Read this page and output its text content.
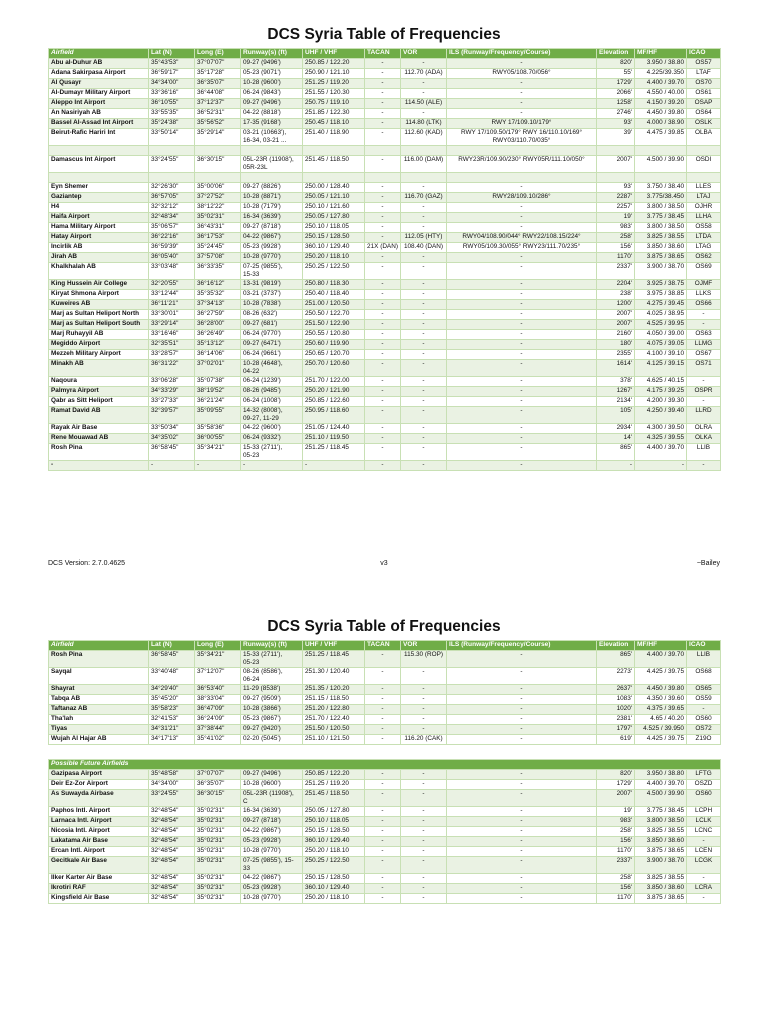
DCS Syria Table of Frequencies
Airfield	Lat (N)	Long (E)	Runway(s) (ft)	UHF / VHF	TACAN	VOR	ILS (Runway/Frequency/Course)	Elevation	MF/HF	ICAO
Abu al-Duhur AB	35°43'53"	37°07'07"	09-27 (9496')	250.85 / 122.20	-	-	-	820'	3.950 / 38.80	OS57
Adana Sakirpasa Airport	36°59'17"	35°17'28"	05-23 (9071')	250.90 / 121.10	-	112.70 (ADA)	RWY05/108.70/056°	55'	4.225/39.350	LTAF
Al Qusayr	34°34'00"	36°35'07"	10-28 (9600')	251.25 / 119.20	-	-	-	1729'	4.400 / 39.70	OS70
Al-Dumayr Military Airport	33°36'16"	36°44'08"	06-24 (9843')	251.55 / 120.30	-	-	-	2066'	4.550 / 40.00	OS61
Aleppo Int Airport	36°10'55"	37°12'37"	09-27 (9496')	250.75 / 119.10	-	114.50 (ALE)	-	1258'	4.150 / 39.20	OSAP
An Nasiriyah AB	33°55'35"	36°52'31"	04-22 (8818')	251.85 / 122.30	-	-	-	2746'	4.450 / 39.80	OS64
Bassel Al-Assad Int Airport	35°24'38"	35°56'52"	17-35 (9168')	250.45 / 118.10	-	114.80 (LTK)	RWY 17/109.10/179°	93'	4.000 / 38.90	OSLK
Beirut-Rafic Hariri Int	33°50'14"	35°29'14"	03-21 (10663'),
16-34, 03-21 ...	251.40 / 118.90	-	112.60 (KAD)	RWY 17/109.50/179° RWY 16/110.10/169°
RWY03/110.70/035°	39'	4.475 / 39.85	OLBA

Damascus Int Airport	33°24'55"	36°30'15"	05L-23R (11908'),
05R-23L	251.45 / 118.50	-	116.00 (DAM)	RWY23R/109.90/230° RWY05R/111.10/050°	2007'	4.500 / 39.90	OSDI

Eyn Shemer	32°26'30"	35°00'06"	09-27 (8826')	250.00 / 128.40	-	-	-	93'	3.750 / 38.40	LLES
Gaziantep	36°57'05"	37°27'52"	10-28 (8871')	250.05 / 121.10	-	116.70 (GAZ)	RWY28/109.10/286°	2287'	3.775/38.450	LTAJ
H4	32°32'12"	38°12'22"	10-28 (7179')	250.10 / 121.60	-	-	-	2257'	3.800 / 38.50	OJHR
Haifa Airport	32°48'34"	35°02'31"	16-34 (3639')	250.05 / 127.80	-	-	-	19'	3.775 / 38.45	LLHA
Hama Military Airport	35°06'57"	36°43'31"	09-27 (8718')	250.10 / 118.05	-	-	-	983'	3.800 / 38.50	OS58
Hatay Airport	36°22'16"	36°17'53"	04-22 (9867')	250.15 / 128.50	-	112.05 (HTY)	RWY04/108.90/044° RWY22/108.15/224°	258'	3.825 / 38.55	LTDA
Incirlik AB	36°59'39"	35°24'45"	05-23 (9928')	360.10 / 129.40	21X (DAN)	108.40 (DAN)	RWY05/109.30/055° RWY23/111.70/235°	156'	3.850 / 38.60	LTAG
Jirah AB	36°05'40"	37°57'08"	10-28 (9770')	250.20 / 118.10	-	-	-	1170'	3.875 / 38.65	OS62
Khalkhalah AB	33°03'48"	36°33'35"	07-25 (9855'),
15-33	250.25 / 122.50	-	-	-	2337'	3.900 / 38.70	OS69
King Hussein Air College	32°20'55"	36°16'12"	13-31 (9819')	250.80 / 118.30	-	-	-	2204'	3.925 / 38.75	OJMF
Kiryat Shmona Airport	33°12'44"	35°35'32"	03-21 (3737')	250.40 / 118.40	-	-	-	238'	3.975 / 38.85	LLKS
Kuweires AB	36°11'21"	37°34'13"	10-28 (7838')	251.00 / 120.50	-	-	-	1200'	4.275 / 39.45	OS66
Marj as Sultan Heliport North	33°30'01"	36°27'59"	08-26 (632')	250.50 / 122.70	-	-	-	2007'	4.025 / 38.95	-
Marj as Sultan Heliport South	33°29'14"	36°28'00"	09-27 (681')	251.50 / 122.90	-	-	-	2007'	4.525 / 39.95	-
Marj Ruhayyil AB	33°16'46"	36°26'49"	06-24 (9770')	250.55 / 120.80	-	-	-	2160'	4.050 / 39.00	OS63
Megiddo Airport	32°35'51"	35°13'12"	09-27 (6471')	250.60 / 119.90	-	-	-	180'	4.075 / 39.05	LLMG
Mezzeh Military Airport	33°28'57"	36°14'06"	06-24 (9661')	250.65 / 120.70	-	-	-	2355'	4.100 / 39.10	OS67
Minakh AB	36°31'22"	37°02'01"	10-28 (4648'),
04-22	250.70 / 120.60	-	-	-	1614'	4.125 / 39.15	OS71
Naqoura	33°06'28"	35°07'38"	06-24 (1239')	251.70 / 122.00	-	-	-	378'	4.625 / 40.15	-
Palmyra Airport	34°33'29"	38°19'52"	08-26 (9485')	250.20 / 121.90	-	-	-	1267'	4.175 / 39.25	OSPR
Qabr as Sitt Heliport	33°27'33"	36°21'24"	06-24 (1008')	250.85 / 122.60	-	-	-	2134'	4.200 / 39.30	-
Ramat David AB	32°39'57"	35°09'55"	14-32 (8008'),
09-27, 11-29	250.95 / 118.60	-	-	-	105'	4.250 / 39.40	LLRD
Rayak Air Base	33°50'34"	35°58'36"	04-22 (9600')	251.05 / 124.40	-	-	-	2934'	4.300 / 39.50	OLRA
Rene Mouawad AB	34°35'02"	36°00'55"	06-24 (9332')	251.10 / 119.50	-	-	-	14'	4.325 / 39.55	OLKA
Rosh Pina	36°58'45"	35°34'21"	15-33 (2711'),
05-23	251.25 / 118.45	-	-	-	865'	4.400 / 39.70	LLIB
-	-	-	-	-	-	-	-	-	-	-
DCS Version: 2.7.0.4625	v3	~Bailey
DCS Syria Table of Frequencies
Airfield	Lat (N)	Long (E)	Runway(s) (ft)	UHF / VHF	TACAN	VOR	ILS (Runway/Frequency/Course)	Elevation	MF/HF	ICAO
Rosh Pina	36°58'45"	35°34'21"	15-33 (2711'),
05-23	251.25 / 118.45	-	115.30 (ROP)	-	865'	4.400 / 39.70	LLIB
Sayqal	33°40'48"	37°12'07"	08-26 (8586'),
06-24	251.30 / 120.40	-	-	-	2273'	4.425 / 39.75	OS68
Shayrat	34°29'40"	36°53'40"	11-29 (8538')	251.35 / 120.20	-	-	-	2637'	4.450 / 39.80	OS65
Tabqa AB	35°45'20"	38°33'04"	09-27 (9509')	251.15 / 118.50	-	-	-	1083'	4.350 / 39.60	OS59
Taftanaz AB	35°58'23"	36°47'09"	10-28 (3866')	251.20 / 122.80	-	-	-	1020'	4.375 / 39.65	-
Tha'lah	32°41'53"	36°24'09"	05-23 (9867')	251.70 / 122.40	-	-	-	2381'	4.65 / 40.20	OS60
Tiyas	34°31'21"	37°38'44"	09-27 (9420')	251.50 / 120.50	-	-	-	1797'	4.525 / 39.950	OS72
Wujah Al Hajar AB	34°17'13"	35°41'02"	02-20 (5045')	251.10 / 121.50	-	116.20 (CAK)	-	619'	4.425 / 39.75	Z19O
Possible Future Airfields										
Gazipasa Airport	35°48'58"	37°07'07"	09-27 (9496')	250.85 / 122.20	-	-	-	820'	3.950 / 38.80	LFTG
Deir Ez-Zor Airport	34°34'00"	36°35'07"	10-28 (9600')	251.25 / 119.20	-	-	-	1729'	4.400 / 39.70	OSZD
As Suwayda Airbase	33°24'55"	36°30'15"	05L-23R (11908'), C	251.45 / 118.50	-	-	-	2007'	4.500 / 39.90	OS60
Paphos Intl. Airport	32°48'54"	35°02'31"	16-34 (3639')	250.05 / 127.80	-	-	-	19'	3.775 / 38.45	LCPH
Larnaca Intl. Airport	32°48'54"	35°02'31"	09-27 (8718')	250.10 / 118.05	-	-	-	983'	3.800 / 38.50	LCLK
Nicosia Intl. Airport	32°48'54"	35°02'31"	04-22 (9867')	250.15 / 128.50	-	-	-	258'	3.825 / 38.55	LCNC
Lakatama Air Base	32°48'54"	35°02'31"	05-23 (9928')	360.10 / 129.40	-	-	-	156'	3.850 / 38.60	-
Ercan Intl. Airport	32°48'54"	35°02'31"	10-28 (9770')	250.20 / 118.10	-	-	-	1170'	3.875 / 38.65	LCEN
Gecitkale Air Base	32°48'54"	35°02'31"	07-25 (9855'), 15-33	250.25 / 122.50	-	-	-	2337'	3.900 / 38.70	LCGK
Ilker Karter Air Base	32°48'54"	35°02'31"	04-22 (9867')	250.15 / 128.50	-	-	-	258'	3.825 / 38.55	-
Ikrotiri RAF	32°48'54"	35°02'31"	05-23 (9928')	360.10 / 129.40	-	-	-	156'	3.850 / 38.60	LCRA
Kingsfield Air Base	32°48'54"	35°02'31"	10-28 (9770')	250.20 / 118.10	-	-	-	1170'	3.875 / 38.65	-
